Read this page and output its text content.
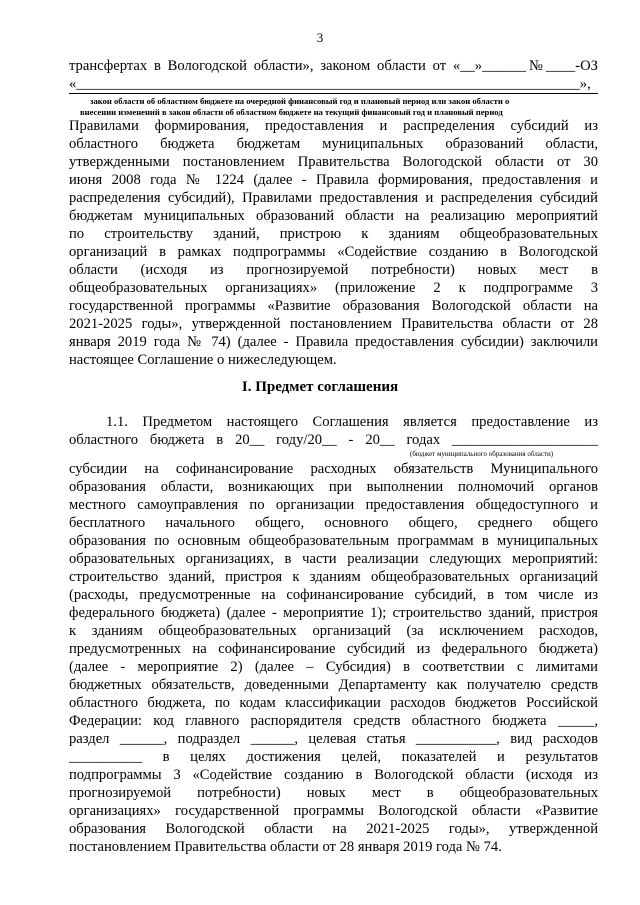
3
трансфертах в Вологодской области», законом области от «__»______№____-ОЗ
«_____________________________________________________________________»,
закон области об областном бюджете на очередной финансовый год и плановый период или закон области о
внесении изменений в закон области об областном бюджете на текущий финансовый год и плановый период
Правилами формирования, предоставления и распределения субсидий из
областного бюджета бюджетам муниципальных образований области,
утвержденными постановлением Правительства Вологодской области от 30
июня 2008 года № 1224 (далее - Правила формирования, предоставления и
распределения субсидий), Правилами предоставления и распределения субсидий
бюджетам муниципальных образований области на реализацию мероприятий
по строительству зданий, пристрою к зданиям общеобразовательных
организаций в рамках подпрограммы «Содействие созданию в Вологодской
области (исходя из прогнозируемой потребности) новых мест в
общеобразовательных организациях» (приложение 2 к подпрограмме 3
государственной программы «Развитие образования Вологодской области на
2021-2025 годы», утвержденной постановлением Правительства области от 28
января 2019 года № 74) (далее - Правила предоставления субсидии) заключили
настоящее Соглашение о нижеследующем.
I. Предмет соглашения
1.1. Предметом настоящего Соглашения является предоставление из
областного бюджета в 20__ году/20__ - 20__ годах ____________________
(бюджет муниципального образования области)
субсидии на софинансирование расходных обязательств Муниципального
образования области, возникающих при выполнении полномочий органов
местного самоуправления по организации предоставления общедоступного и
бесплатного начального общего, основного общего, среднего общего
образования по основным общеобразовательным программам в муниципальных
образовательных организациях, в части реализации следующих мероприятий:
строительство зданий, пристроя к зданиям общеобразовательных организаций
(расходы, предусмотренные на софинансирование субсидий, в том числе из
федерального бюджета) (далее - мероприятие 1); строительство зданий, пристроя
к зданиям общеобразовательных организаций (за исключением расходов,
предусмотренных на софинансирование субсидий из федерального бюджета)
(далее - мероприятие 2) (далее – Субсидия) в соответствии с лимитами
бюджетных обязательств, доведенными Департаменту как получателю средств
областного бюджета, по кодам классификации расходов бюджетов Российской
Федерации: код главного распорядителя средств областного бюджета _____,
раздел ______, подраздел ______, целевая статья ___________, вид расходов
__________ в целях достижения целей, показателей и результатов
подпрограммы 3 «Содействие созданию в Вологодской области (исходя из
прогнозируемой потребности) новых мест в общеобразовательных
организациях» государственной программы Вологодской области «Развитие
образования Вологодской области на 2021-2025 годы», утвержденной
постановлением Правительства области от 28 января 2019 года № 74.
